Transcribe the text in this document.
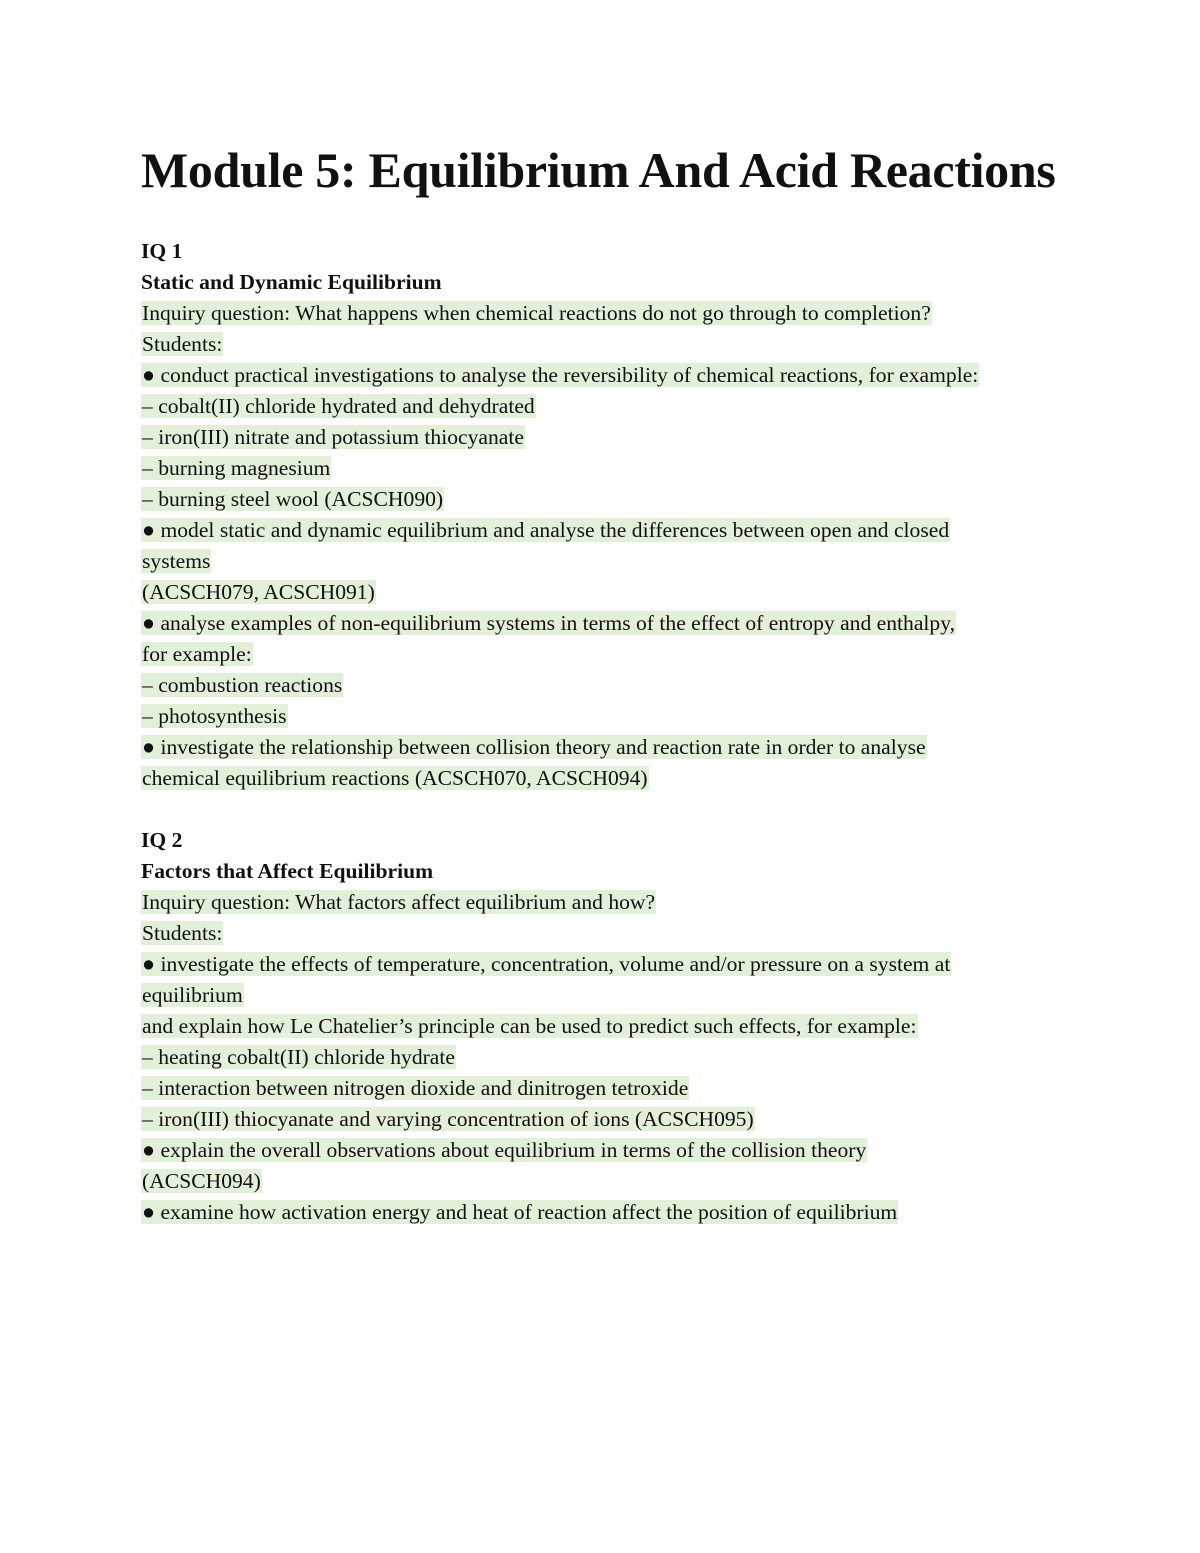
Module 5: Equilibrium And Acid Reactions
IQ 1
Static and Dynamic Equilibrium
Inquiry question: What happens when chemical reactions do not go through to completion?
Students:
● conduct practical investigations to analyse the reversibility of chemical reactions, for example:
– cobalt(II) chloride hydrated and dehydrated
– iron(III) nitrate and potassium thiocyanate
– burning magnesium
– burning steel wool (ACSCH090)
● model static and dynamic equilibrium and analyse the differences between open and closed
systems
(ACSCH079, ACSCH091)
● analyse examples of non-equilibrium systems in terms of the effect of entropy and enthalpy,
for example:
– combustion reactions
– photosynthesis
● investigate the relationship between collision theory and reaction rate in order to analyse
chemical equilibrium reactions (ACSCH070, ACSCH094)
IQ 2
Factors that Affect Equilibrium
Inquiry question: What factors affect equilibrium and how?
Students:
● investigate the effects of temperature, concentration, volume and/or pressure on a system at
equilibrium
and explain how Le Chatelier’s principle can be used to predict such effects, for example:
– heating cobalt(II) chloride hydrate
– interaction between nitrogen dioxide and dinitrogen tetroxide
– iron(III) thiocyanate and varying concentration of ions (ACSCH095)
● explain the overall observations about equilibrium in terms of the collision theory
(ACSCH094)
● examine how activation energy and heat of reaction affect the position of equilibrium
